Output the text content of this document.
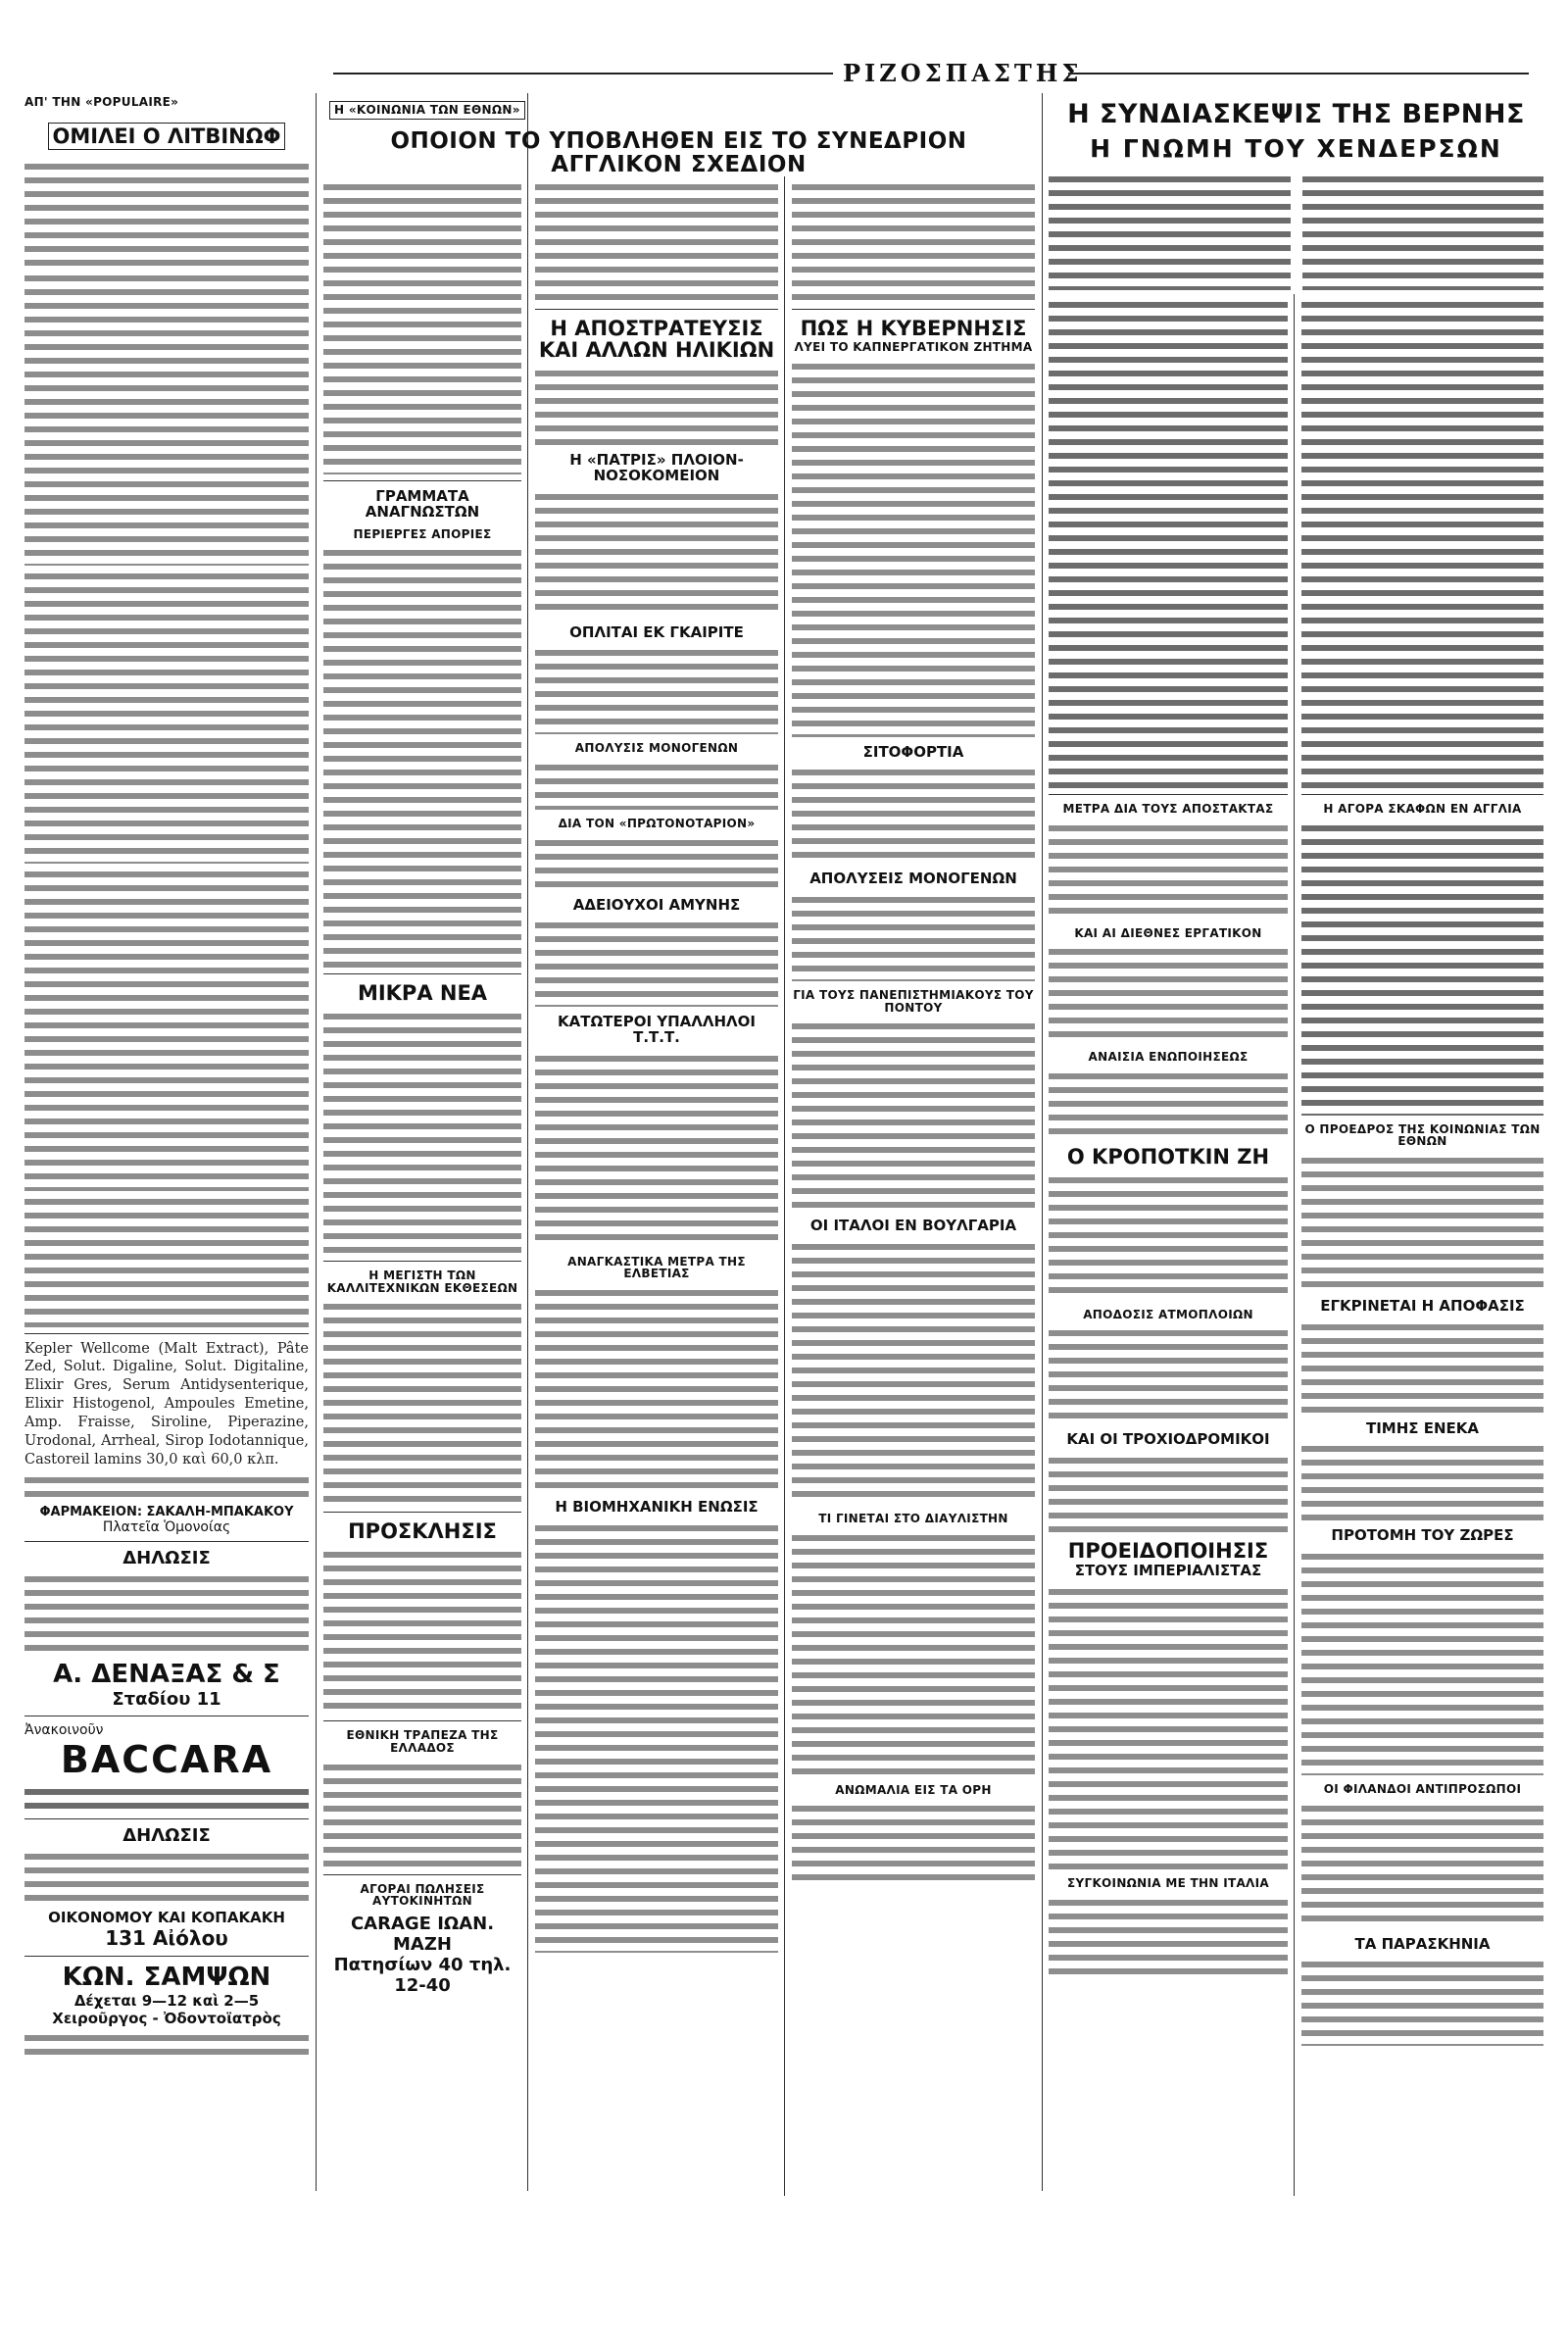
ΡΙΖΟΣΠΑΣΤΗΣ
ΑΠ' ΤΗΝ «POPULAIRE»
ΟΜΙΛΕΙ Ο ΛΙΤΒΙΝΩΦ
Kepler Wellcome (Malt Extract), Pâte Zed, Solut. Digaline, Solut. Digitaline, Elixir Gres, Serum Antidysenterique, Elixir Histogenol, Ampoules Emetine, Amp. Fraisse, Siroline, Piperazine, Urodonal, Arrheal, Sirop Iodotannique, Castoreil lamins 30,0 καὶ 60,0 κλπ.
ΦΑΡΜΑΚΕΙΟΝ: ΣΑΚΑΛΗ-ΜΠΑΚΑΚΟΥ
Πλατεῖα Ὁμονοίας
ΔΗΛΩΣΙΣ
Α. ΔΕΝΑΞΑΣ & Σ
Σταδίου 11
Ἀνακοινοῦν
BACCARA
ΔΗΛΩΣΙΣ
ΟΙΚΟΝΟΜΟΥ ΚΑΙ ΚΟΠΑΚΑΚΗ
131 Αἰόλου
ΚΩΝ. ΣΑΜΨΩΝ
Δέχεται 9—12 καὶ 2—5
Χειροῦργος - Ὀδοντοϊατρὸς
Η «ΚΟΙΝΩΝΙΑ ΤΩΝ ΕΘΝΩΝ»
ΟΠΟΙΟΝ ΤΟ ΥΠΟΒΛΗΘΕΝ ΕΙΣ ΤΟ ΣΥΝΕΔΡΙΟΝ ΑΓΓΛΙΚΟΝ ΣΧΕΔΙΟΝ
ΓΡΑΜΜΑΤΑ ΑΝΑΓΝΩΣΤΩΝ
ΠΕΡΙΕΡΓΕΣ ΑΠΟΡΙΕΣ
ΜΙΚΡΑ ΝΕΑ
Η ΜΕΓΙΣΤΗ ΤΩΝ ΚΑΛΛΙΤΕΧΝΙΚΩΝ ΕΚΘΕΣΕΩΝ
ΠΡΟΣΚΛΗΣΙΣ
ΕΘΝΙΚΗ ΤΡΑΠΕΖΑ ΤΗΣ ΕΛΛΑΔΟΣ
ΑΓΟΡΑΙ ΠΩΛΗΣΕΙΣ ΑΥΤΟΚΙΝΗΤΩΝ
CARAGE ΙΩΑΝ. ΜΑΖΗ
Πατησίων 40 τηλ. 12-40
Η ΑΠΟΣΤΡΑΤΕΥΣΙΣ
ΚΑΙ ΑΛΛΩΝ ΗΛΙΚΙΩΝ
Η «ΠΑΤΡΙΣ» ΠΛΟΙΟΝ-ΝΟΣΟΚΟΜΕΙΟΝ
ΟΠΛΙΤΑΙ ΕΚ ΓΚΑΙΡΙΤΕ
ΑΠΟΛΥΣΙΣ ΜΟΝΟΓΕΝΩΝ
ΔΙΑ ΤΟΝ «ΠΡΩΤΟΝΟΤΑΡΙΟΝ»
ΑΔΕΙΟΥΧΟΙ ΑΜΥΝΗΣ
ΚΑΤΩΤΕΡΟΙ ΥΠΑΛΛΗΛΟΙ Τ.Τ.Τ.
ΑΝΑΓΚΑΣΤΙΚΑ ΜΕΤΡΑ ΤΗΣ ΕΛΒΕΤΙΑΣ
Η ΒΙΟΜΗΧΑΝΙΚΗ ΕΝΩΣΙΣ
ΠΩΣ Η ΚΥΒΕΡΝΗΣΙΣ
ΛΥΕΙ ΤΟ ΚΑΠΝΕΡΓΑΤΙΚΟΝ ΖΗΤΗΜΑ
ΣΙΤΟΦΟΡΤΙΑ
ΑΠΟΛΥΣΕΙΣ ΜΟΝΟΓΕΝΩΝ
ΓΙΑ ΤΟΥΣ ΠΑΝΕΠΙΣΤΗΜΙΑΚΟΥΣ ΤΟΥ ΠΟΝΤΟΥ
ΟΙ ΙΤΑΛΟΙ ΕΝ ΒΟΥΛΓΑΡΙΑ
ΤΙ ΓΙΝΕΤΑΙ ΣΤΟ ΔΙΑΥΛΙΣΤΗΝ
ΑΝΩΜΑΛΙΑ ΕΙΣ ΤΑ ΟΡΗ
Η ΣΥΝΔΙΑΣΚΕΨΙΣ ΤΗΣ ΒΕΡΝΗΣ
Η ΓΝΩΜΗ ΤΟΥ ΧΕΝΔΕΡΣΩΝ
ΜΕΤΡΑ ΔΙΑ ΤΟΥΣ ΑΠΟΣΤΑΚΤΑΣ
ΚΑΙ ΑΙ ΔΙΕΘΝΕΣ ΕΡΓΑΤΙΚΟΝ
ΑΝΑΙΣΙΑ ΕΝΩΠΟΙΗΣΕΩΣ
Ο ΚΡΟΠΟΤΚΙΝ ΖΗ
ΑΠΟΔΟΣΙΣ ΑΤΜΟΠΛΟΙΩΝ
ΚΑΙ ΟΙ ΤΡΟΧΙΟΔΡΟΜΙΚΟΙ
ΠΡΟΕΙΔΟΠΟΙΗΣΙΣ
ΣΤΟΥΣ ΙΜΠΕΡΙΑΛΙΣΤΑΣ
ΣΥΓΚΟΙΝΩΝΙΑ ΜΕ ΤΗΝ ΙΤΑΛΙΑ
Η ΑΓΟΡΑ ΣΚΑΦΩΝ ΕΝ ΑΓΓΛΙΑ
Ο ΠΡΟΕΔΡΟΣ ΤΗΣ ΚΟΙΝΩΝΙΑΣ ΤΩΝ ΕΘΝΩΝ
ΕΓΚΡΙΝΕΤΑΙ Η ΑΠΟΦΑΣΙΣ
ΤΙΜΗΣ ΕΝΕΚΑ
ΠΡΟΤΟΜΗ ΤΟΥ ΖΩΡΕΣ
ΟΙ ΦΙΛΑΝΔΟΙ ΑΝΤΙΠΡΟΣΩΠΟΙ
ΤΑ ΠΑΡΑΣΚΗΝΙΑ
